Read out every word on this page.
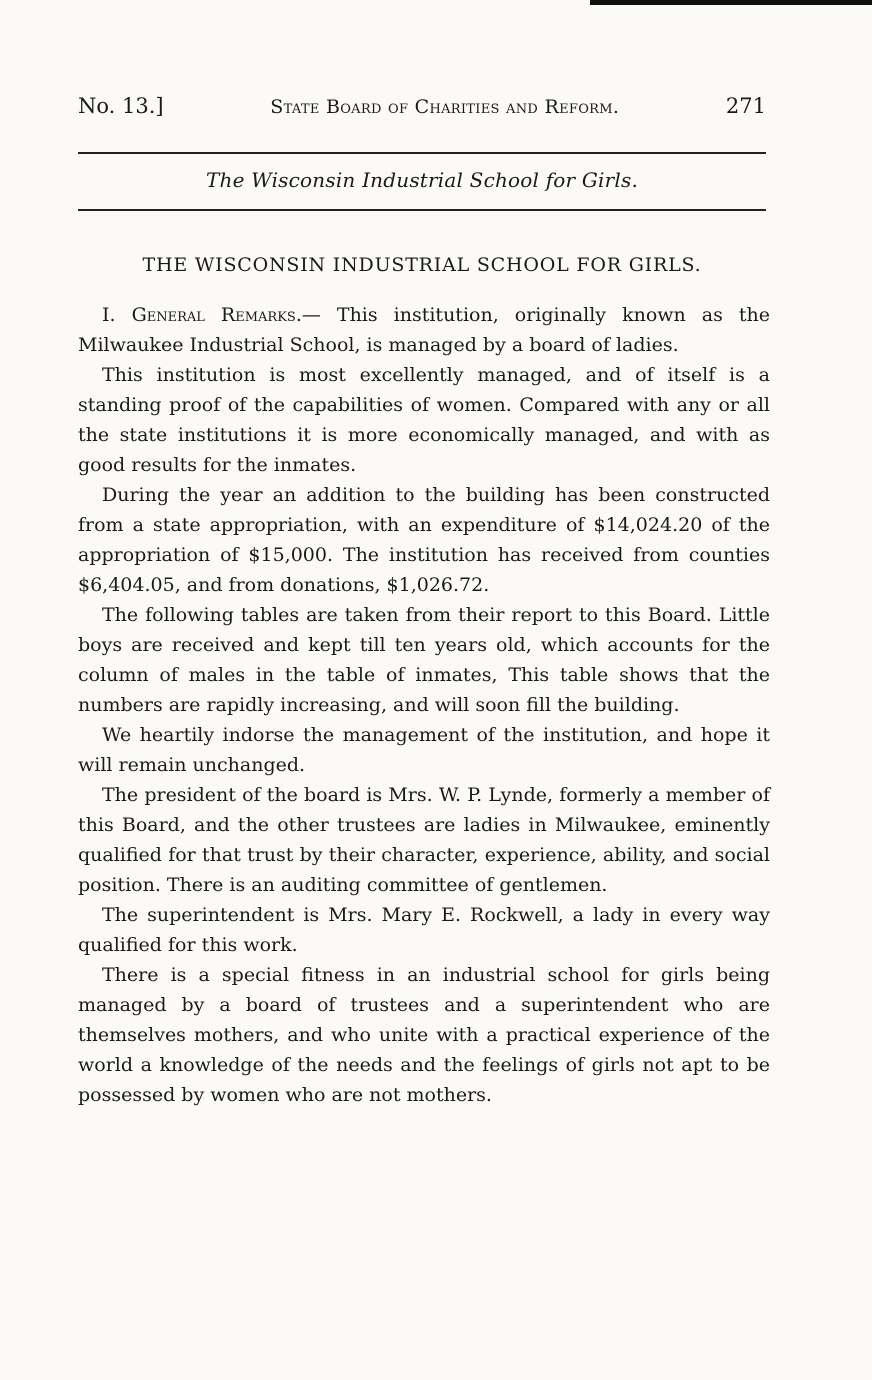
No. 13.]	State Board of Charities and Reform.	271
The Wisconsin Industrial School for Girls.
THE WISCONSIN INDUSTRIAL SCHOOL FOR GIRLS.

I. General Remarks.— This institution, originally known as the Milwaukee Industrial School, is managed by a board of ladies.

This institution is most excellently managed, and of itself is a standing proof of the capabilities of women. Compared with any or all the state institutions it is more economically managed, and with as good results for the inmates.

During the year an addition to the building has been constructed from a state appropriation, with an expenditure of $14,024.20 of the appropriation of $15,000. The institution has received from counties $6,404.05, and from donations, $1,026.72.

The following tables are taken from their report to this Board. Little boys are received and kept till ten years old, which accounts for the column of males in the table of inmates, This table shows that the numbers are rapidly increasing, and will soon fill the building.

We heartily indorse the management of the institution, and hope it will remain unchanged.

The president of the board is Mrs. W. P. Lynde, formerly a member of this Board, and the other trustees are ladies in Milwaukee, eminently qualified for that trust by their character, experience, ability, and social position. There is an auditing committee of gentlemen.

The superintendent is Mrs. Mary E. Rockwell, a lady in every way qualified for this work.

There is a special fitness in an industrial school for girls being managed by a board of trustees and a superintendent who are themselves mothers, and who unite with a practical experience of the world a knowledge of the needs and the feelings of girls not apt to be possessed by women who are not mothers.
